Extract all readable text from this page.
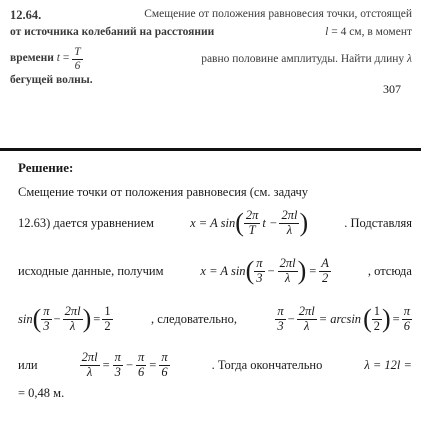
12.64.	Смещение от положения равновесия точки, отстоящей
от источника колебаний на расстоянии	l = 4 см, в момент
времени $t = \frac{T}{6}$	равно половине амплитуды. Найти длину λ
бегущей волны.
307
Решение:
Смещение точки от положения равновесия (см. задачу
12.63) дается уравнением	x = A sin ( $\frac{2\pi}{T}$ $t - \frac{2\pi l}{\lambda}$ )	. Подставляя
исходные данные, получим	x = A sin ( $\frac{\pi}{3} - \frac{2\pi l}{\lambda}$ ) = $\frac{A}{2}$	, отсюда
sin ( $\frac{\pi}{3} - \frac{2\pi l}{\lambda}$ ) = $\frac{1}{2}$	, следовательно,	$\frac{\pi}{3} - \frac{2\pi l}{\lambda} = \arcsin$ ( $\frac{1}{2}$ ) = $\frac{\pi}{6}$
или	$\frac{2\pi l}{\lambda} = \frac{\pi}{3} - \frac{\pi}{6} = \frac{\pi}{6}$	. Тогда окончательно	λ = 12l =
= 0,48 м.
